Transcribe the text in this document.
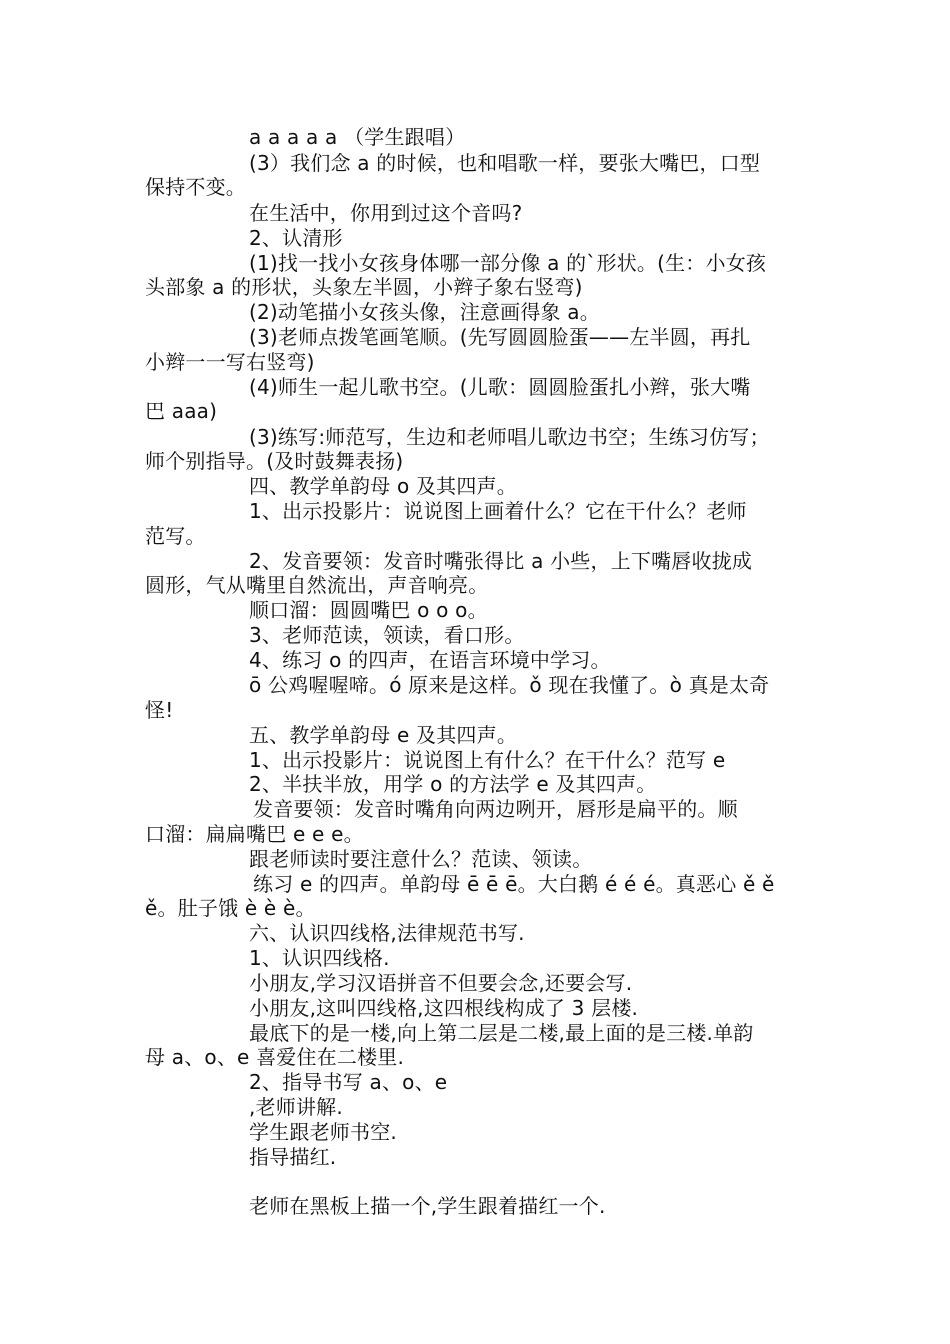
a a a a a （学生跟唱）
(3）我们念 a 的时候，也和唱歌一样，要张大嘴巴，口型
保持不变。
在生活中，你用到过这个音吗?
2、认清形
(1)找一找小女孩身体哪一部分像 a 的`形状。(生：小女孩
头部象 a 的形状，头象左半圆，小辫子象右竖弯)
(2)动笔描小女孩头像，注意画得象 a。
(3)老师点拨笔画笔顺。(先写圆圆脸蛋——左半圆，再扎
小辫一一写右竖弯)
(4)师生一起儿歌书空。(儿歌：圆圆脸蛋扎小辫，张大嘴
巴 aaa)
(3)练写:师范写，生边和老师唱儿歌边书空；生练习仿写；
师个别指导。(及时鼓舞表扬)
四、教学单韵母 o 及其四声。
1、出示投影片：说说图上画着什么？它在干什么？老师
范写。
2、发音要领：发音时嘴张得比 a 小些，上下嘴唇收拢成
圆形，气从嘴里自然流出，声音响亮。
顺口溜：圆圆嘴巴 o o o。
3、老师范读，领读，看口形。
4、练习 o 的四声，在语言环境中学习。
ō 公鸡喔喔啼。ó 原来是这样。ǒ 现在我懂了。ò 真是太奇
怪!
五、教学单韵母 e 及其四声。
1、出示投影片：说说图上有什么？在干什么？范写 e
2、半扶半放，用学 o 的方法学 e 及其四声。
发音要领：发音时嘴角向两边咧开，唇形是扁平的。顺
口溜：扁扁嘴巴 e e e。
跟老师读时要注意什么？范读、领读。
练习 e 的四声。单韵母 ē ē ē。大白鹅 é é é。真恶心 ě ě
ě。肚子饿 è è è。
六、认识四线格,法律规范书写.
1、认识四线格.
小朋友,学习汉语拼音不但要会念,还要会写.
小朋友,这叫四线格,这四根线构成了 3 层楼.
最底下的是一楼,向上第二层是二楼,最上面的是三楼.单韵
母 a、o、e 喜爱住在二楼里.
2、指导书写 a、o、e
,老师讲解.
学生跟老师书空.
指导描红.
老师在黑板上描一个,学生跟着描红一个.
